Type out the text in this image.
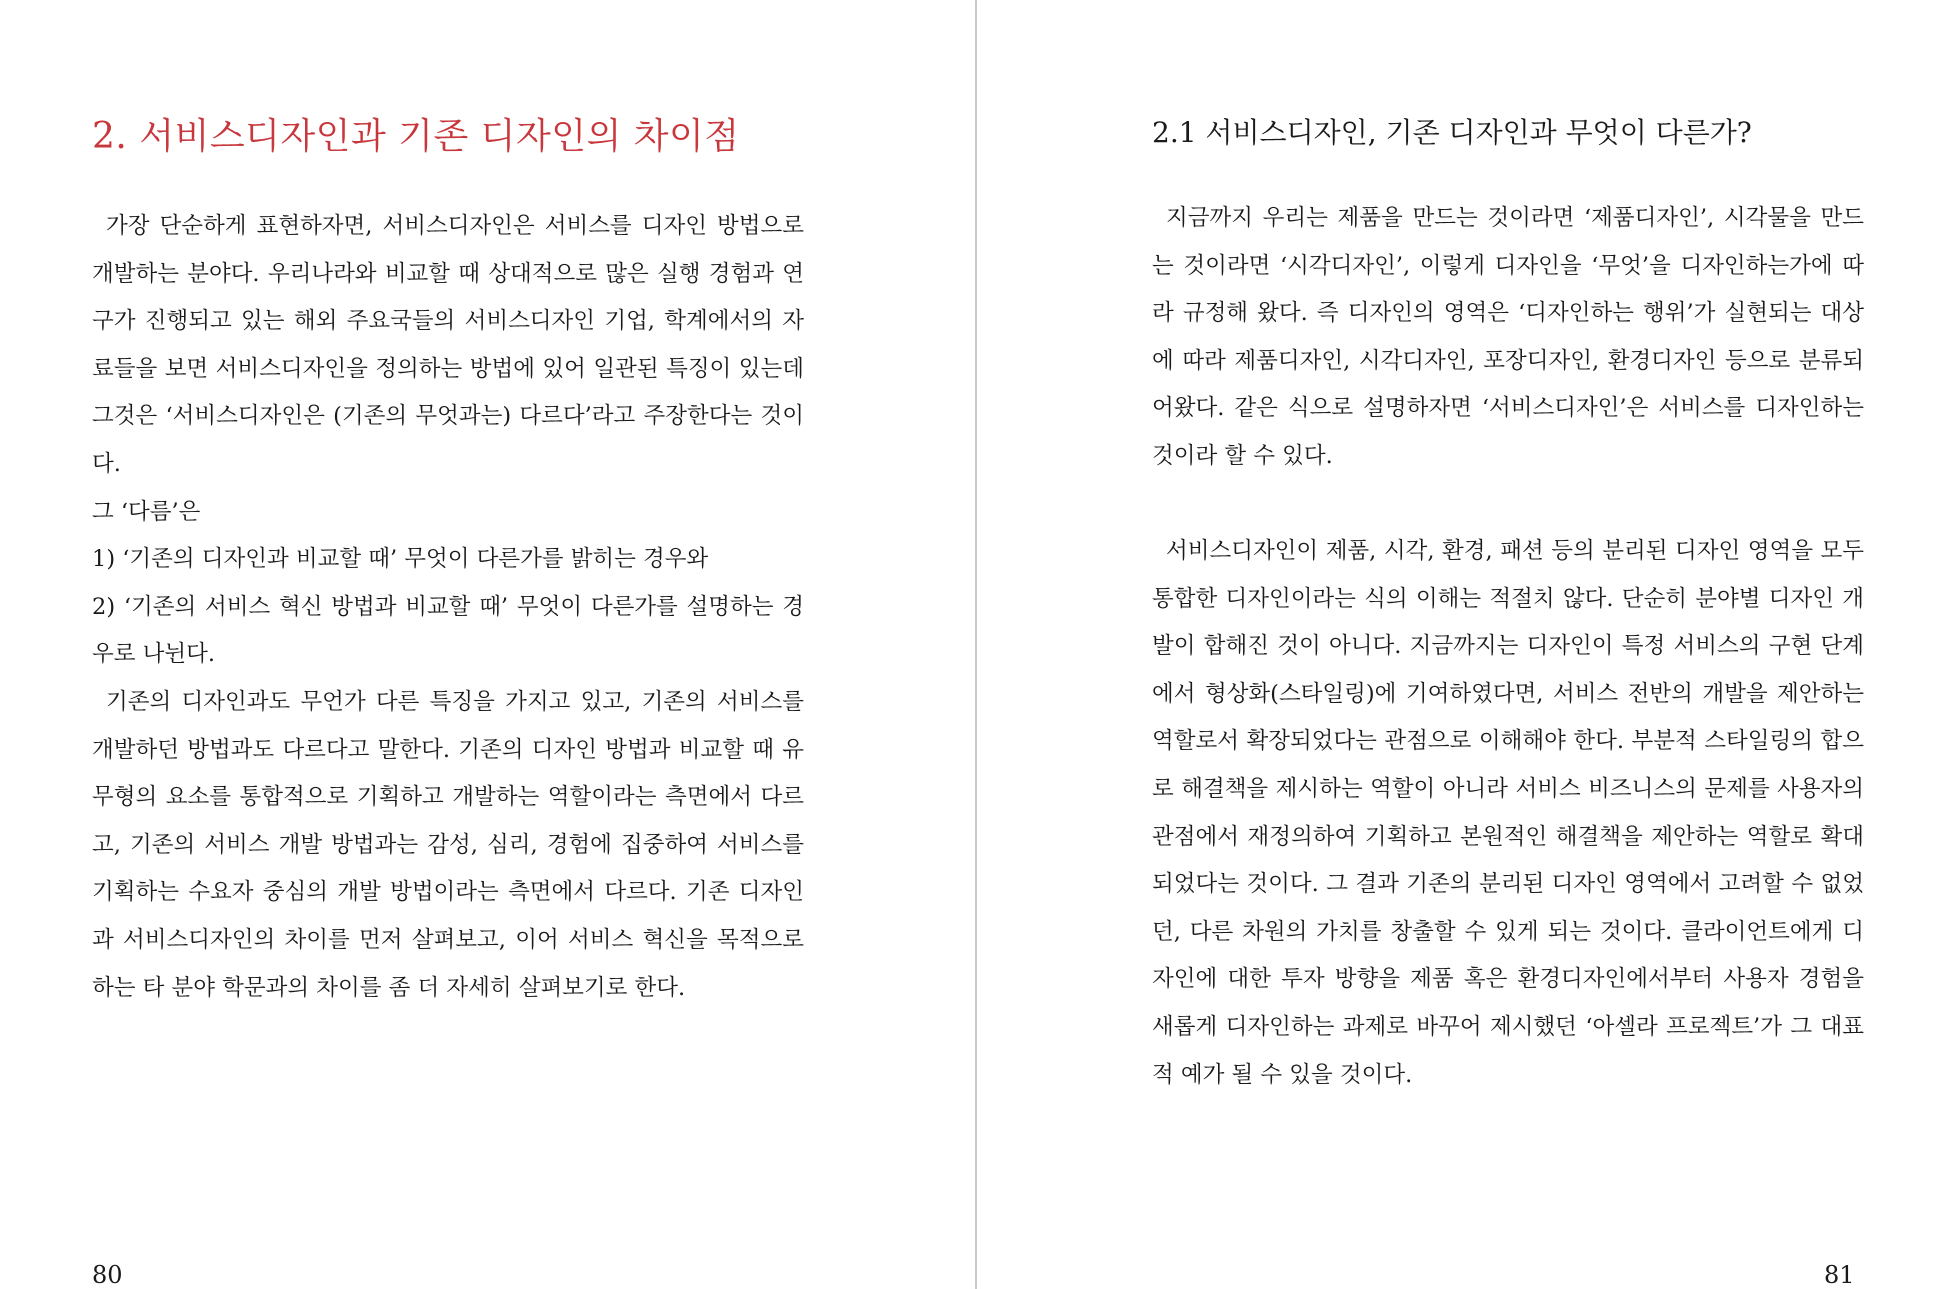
2. 서비스디자인과 기존 디자인의 차이점
가장 단순하게 표현하자면, 서비스디자인은 서비스를 디자인 방법으로 개발하는 분야다. 우리나라와 비교할 때 상대적으로 많은 실행 경험과 연구가 진행되고 있는 해외 주요국들의 서비스디자인 기업, 학계에서의 자료들을 보면 서비스디자인을 정의하는 방법에 있어 일관된 특징이 있는데 그것은 ‘서비스디자인은 (기존의 무엇과는) 다르다’라고 주장한다는 것이다.
그 ‘다름’은
1) ‘기존의 디자인과 비교할 때’ 무엇이 다른가를 밝히는 경우와
2) ‘기존의 서비스 혁신 방법과 비교할 때’ 무엇이 다른가를 설명하는 경우로 나뉜다.

기존의 디자인과도 무언가 다른 특징을 가지고 있고, 기존의 서비스를 개발하던 방법과도 다르다고 말한다. 기존의 디자인 방법과 비교할 때 유무형의 요소를 통합적으로 기획하고 개발하는 역할이라는 측면에서 다르고, 기존의 서비스 개발 방법과는 감성, 심리, 경험에 집중하여 서비스를 기획하는 수요자 중심의 개발 방법이라는 측면에서 다르다. 기존 디자인과 서비스디자인의 차이를 먼저 살펴보고, 이어 서비스 혁신을 목적으로 하는 타 분야 학문과의 차이를 좀 더 자세히 살펴보기로 한다.

80
2.1 서비스디자인, 기존 디자인과 무엇이 다른가?

지금까지 우리는 제품을 만드는 것이라면 ‘제품디자인’, 시각물을 만드는 것이라면 ‘시각디자인’, 이렇게 디자인을 ‘무엇’을 디자인하는가에 따라 규정해 왔다. 즉 디자인의 영역은 ‘디자인하는 행위’가 실현되는 대상에 따라 제품디자인, 시각디자인, 포장디자인, 환경디자인 등으로 분류되어왔다. 같은 식으로 설명하자면 ‘서비스디자인’은 서비스를 디자인하는 것이라 할 수 있다.

서비스디자인이 제품, 시각, 환경, 패션 등의 분리된 디자인 영역을 모두 통합한 디자인이라는 식의 이해는 적절치 않다. 단순히 분야별 디자인 개발이 합해진 것이 아니다. 지금까지는 디자인이 특정 서비스의 구현 단계에서 형상화(스타일링)에 기여하였다면, 서비스 전반의 개발을 제안하는 역할로서 확장되었다는 관점으로 이해해야 한다. 부분적 스타일링의 합으로 해결책을 제시하는 역할이 아니라 서비스 비즈니스의 문제를 사용자의 관점에서 재정의하여 기획하고 본원적인 해결책을 제안하는 역할로 확대되었다는 것이다. 그 결과 기존의 분리된 디자인 영역에서 고려할 수 없었던, 다른 차원의 가치를 창출할 수 있게 되는 것이다. 클라이언트에게 디자인에 대한 투자 방향을 제품 혹은 환경디자인에서부터 사용자 경험을 새롭게 디자인하는 과제로 바꾸어 제시했던 ‘아셀라 프로젝트’가 그 대표적 예가 될 수 있을 것이다.

81
